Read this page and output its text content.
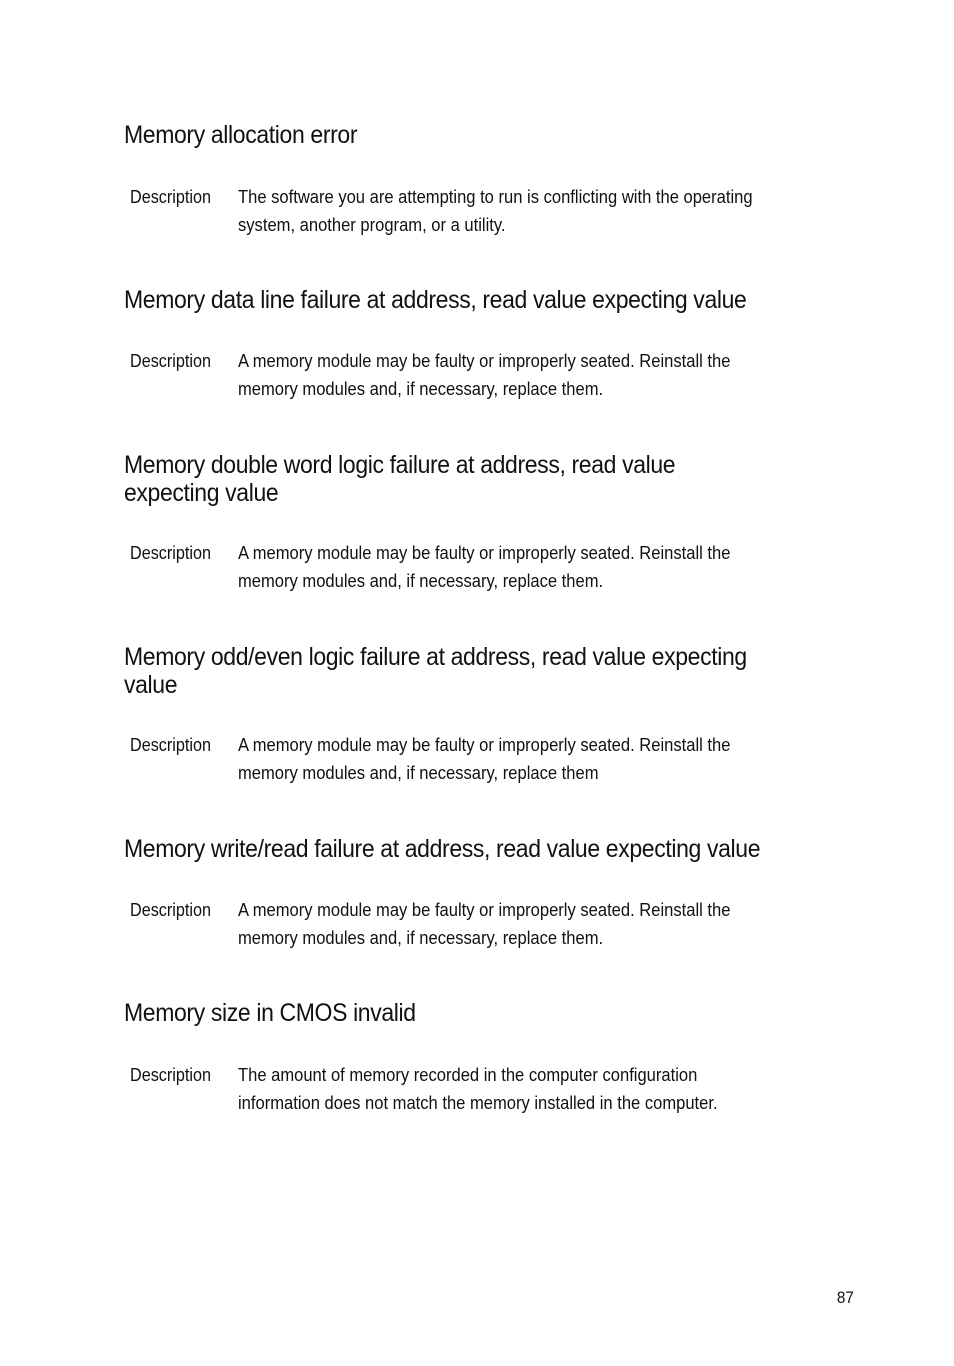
Memory allocation error
Description	The software you are attempting to run is conflicting with the operating
system, another program, or a utility.
Memory data line failure at address, read value expecting value
Description	A memory module may be faulty or improperly seated. Reinstall the
memory modules and, if necessary, replace them.
Memory double word logic failure at address, read value
expecting value
Description	A memory module may be faulty or improperly seated. Reinstall the
memory modules and, if necessary, replace them.
Memory odd/even logic failure at address, read value expecting
value
Description	A memory module may be faulty or improperly seated. Reinstall the
memory modules and, if necessary, replace them
Memory write/read failure at address, read value expecting value
Description	A memory module may be faulty or improperly seated. Reinstall the
memory modules and, if necessary, replace them.
Memory size in CMOS invalid
Description	The amount of memory recorded in the computer configuration
information does not match the memory installed in the computer.
87
